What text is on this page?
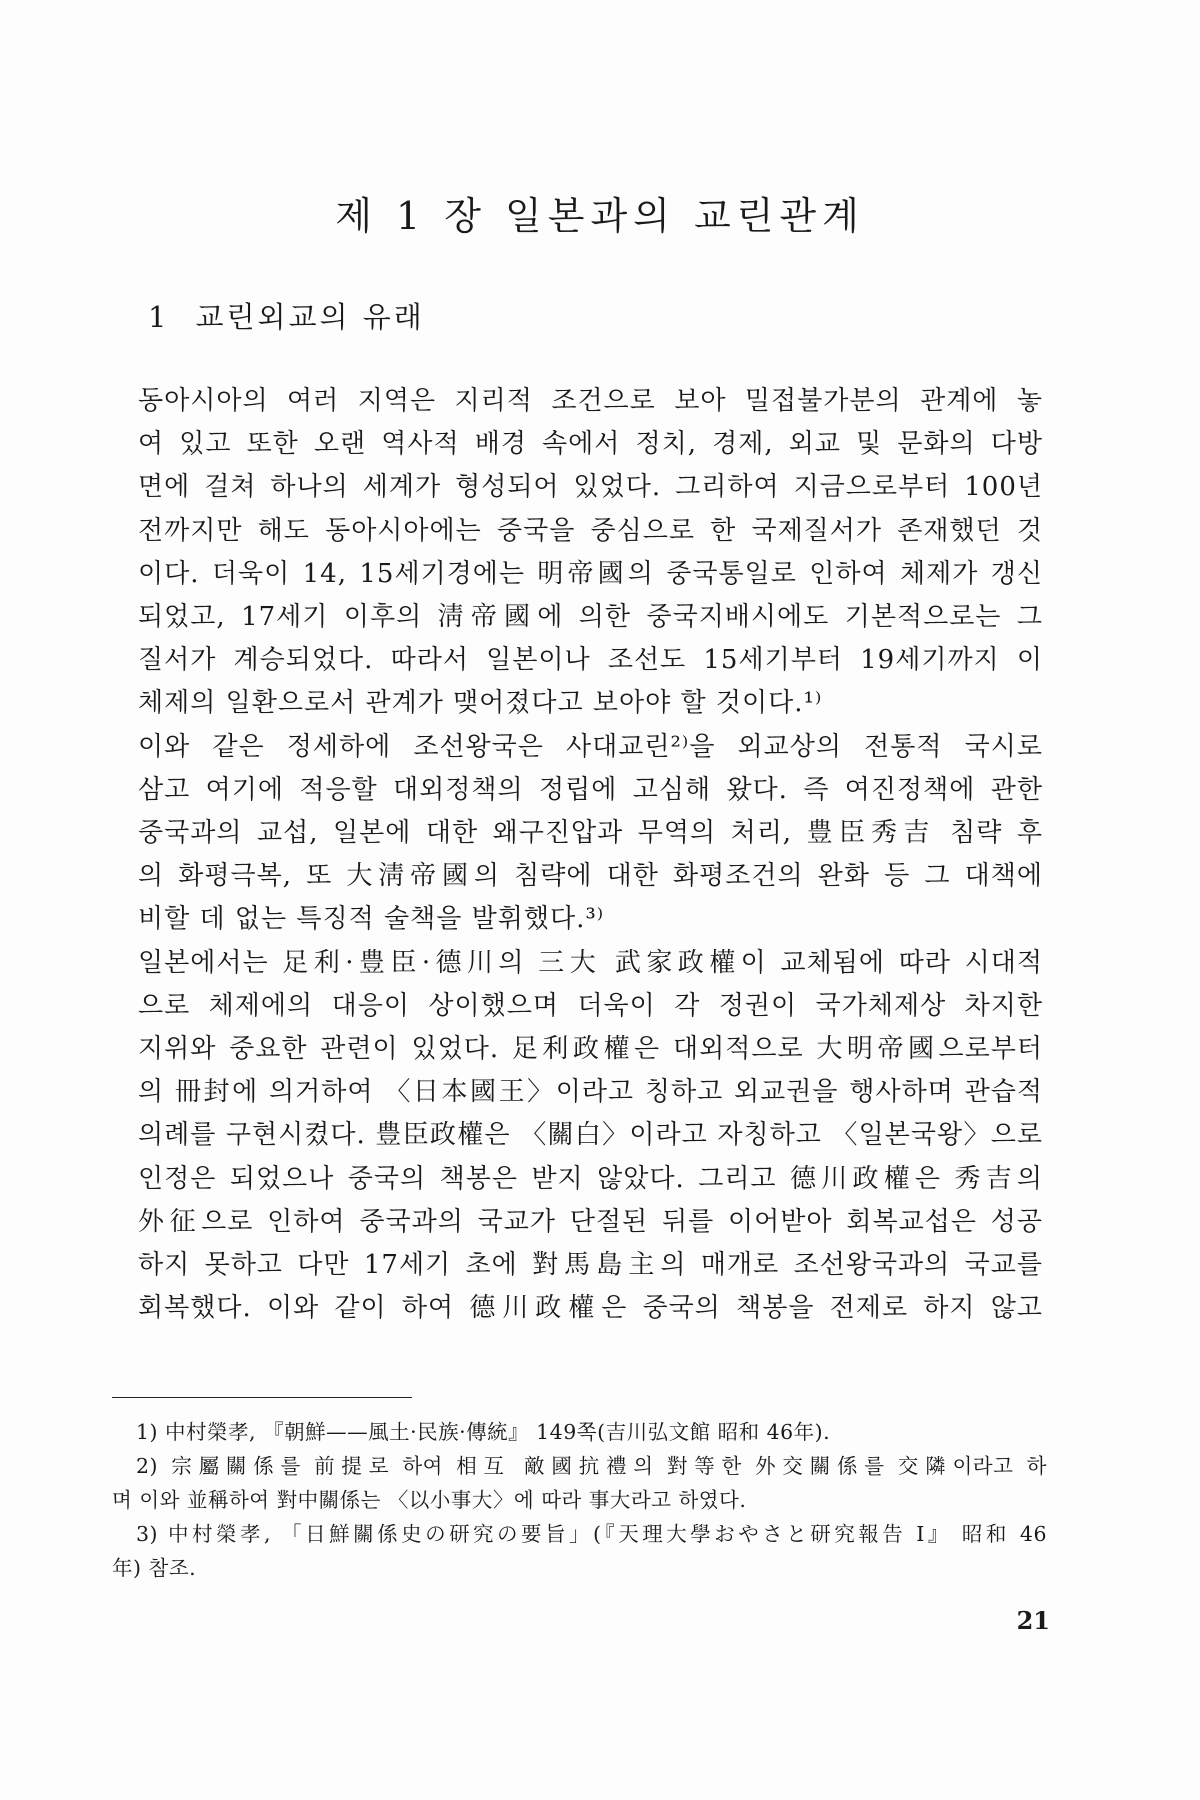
제 1 장 일본과의 교린관계
1 교린외교의 유래

동아시아의 여러 지역은 지리적 조건으로 보아 밀접불가분의 관계에 놓
여 있고 또한 오랜 역사적 배경 속에서 정치, 경제, 외교 및 문화의 다방
면에 걸쳐 하나의 세계가 형성되어 있었다. 그리하여 지금으로부터 100년
전까지만 해도 동아시아에는 중국을 중심으로 한 국제질서가 존재했던 것
이다. 더욱이 14, 15세기경에는 明帝國의 중국통일로 인하여 체제가 갱신
되었고, 17세기 이후의 淸帝國에 의한 중국지배시에도 기본적으로는 그
질서가 계승되었다. 따라서 일본이나 조선도 15세기부터 19세기까지 이
체제의 일환으로서 관계가 맺어졌다고 보아야 할 것이다.¹⁾

이와 같은 정세하에 조선왕국은 사대교린²⁾을 외교상의 전통적 국시로
삼고 여기에 적응할 대외정책의 정립에 고심해 왔다. 즉 여진정책에 관한
중국과의 교섭, 일본에 대한 왜구진압과 무역의 처리, 豊臣秀吉 침략 후
의 화평극복, 또 大淸帝國의 침략에 대한 화평조건의 완화 등 그 대책에
비할 데 없는 특징적 술책을 발휘했다.³⁾

일본에서는 足利·豊臣·德川의 三大 武家政權이 교체됨에 따라 시대적
으로 체제에의 대응이 상이했으며 더욱이 각 정권이 국가체제상 차지한
지위와 중요한 관련이 있었다. 足利政權은 대외적으로 大明帝國으로부터
의 冊封에 의거하여 〈日本國王〉이라고 칭하고 외교권을 행사하며 관습적
의례를 구현시켰다. 豊臣政權은 〈關白〉이라고 자칭하고 〈일본국왕〉으로
인정은 되었으나 중국의 책봉은 받지 않았다. 그리고 德川政權은 秀吉의
外征으로 인하여 중국과의 국교가 단절된 뒤를 이어받아 회복교섭은 성공
하지 못하고 다만 17세기 초에 對馬島主의 매개로 조선왕국과의 국교를
회복했다. 이와 같이 하여 德川政權은 중국의 책봉을 전제로 하지 않고

1) 中村榮孝, 『朝鮮——風土·民族·傳統』 149쪽(吉川弘文館 昭和 46年).
2) 宗屬關係를 前提로 하여 相互 敵國抗禮의 對等한 外交關係를 交隣이라고 하
며 이와 並稱하여 對中關係는 〈以小事大〉에 따라 事大라고 하였다.
3) 中村榮孝, 「日鮮關係史の研究の要旨」(『天理大學おやさと研究報告 Ⅰ』 昭和 46
年) 참조.
21
